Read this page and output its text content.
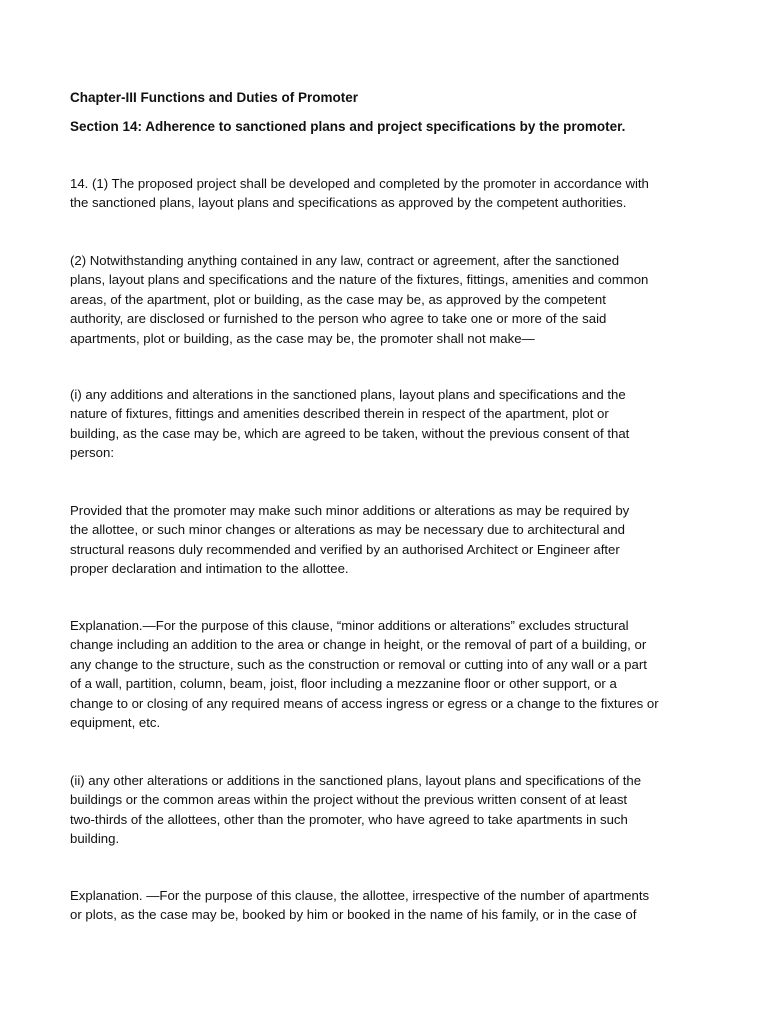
Chapter-III Functions and Duties of Promoter

Section 14: Adherence to sanctioned plans and project specifications by the promoter.

14. (1) The proposed project shall be developed and completed by the promoter in accordance with
the sanctioned plans, layout plans and specifications as approved by the competent authorities.

(2) Notwithstanding anything contained in any law, contract or agreement, after the sanctioned
plans, layout plans and specifications and the nature of the fixtures, fittings, amenities and common
areas, of the apartment, plot or building, as the case may be, as approved by the competent
authority, are disclosed or furnished to the person who agree to take one or more of the said
apartments, plot or building, as the case may be, the promoter shall not make—

(i) any additions and alterations in the sanctioned plans, layout plans and specifications and the
nature of fixtures, fittings and amenities described therein in respect of the apartment, plot or
building, as the case may be, which are agreed to be taken, without the previous consent of that
person:

Provided that the promoter may make such minor additions or alterations as may be required by
the allottee, or such minor changes or alterations as may be necessary due to architectural and
structural reasons duly recommended and verified by an authorised Architect or Engineer after
proper declaration and intimation to the allottee.

Explanation.—For the purpose of this clause, “minor additions or alterations” excludes structural
change including an addition to the area or change in height, or the removal of part of a building, or
any change to the structure, such as the construction or removal or cutting into of any wall or a part
of a wall, partition, column, beam, joist, floor including a mezzanine floor or other support, or a
change to or closing of any required means of access ingress or egress or a change to the fixtures or
equipment, etc.

(ii) any other alterations or additions in the sanctioned plans, layout plans and specifications of the
buildings or the common areas within the project without the previous written consent of at least
two-thirds of the allottees, other than the promoter, who have agreed to take apartments in such
building.

Explanation. —For the purpose of this clause, the allottee, irrespective of the number of apartments
or plots, as the case may be, booked by him or booked in the name of his family, or in the case of
